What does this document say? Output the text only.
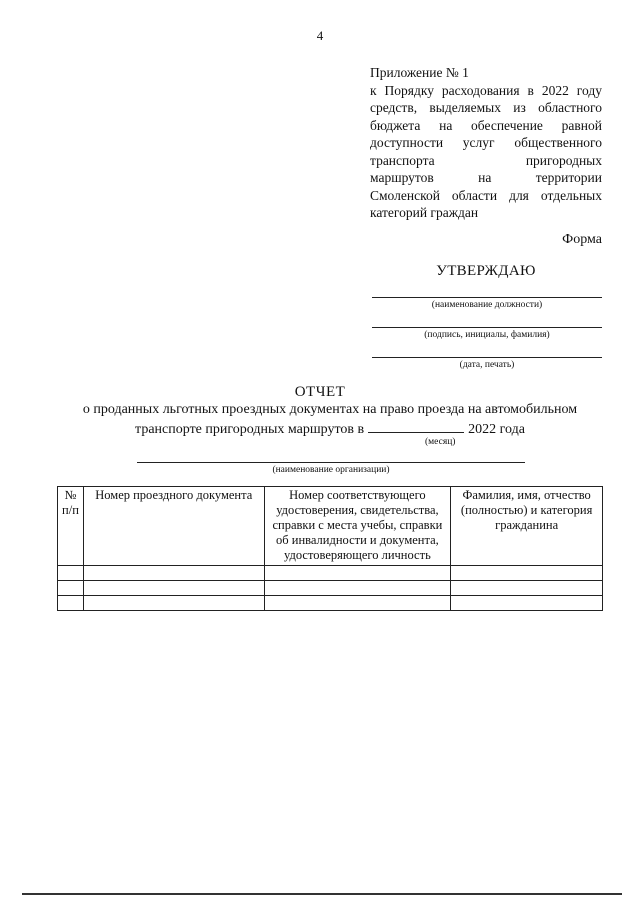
4
Приложение № 1
к Порядку расходования в 2022 году
средств, выделяемых из областного
бюджета на обеспечение равной
доступности услуг общественного
транспорта пригородных
маршрутов на территории
Смоленской области для отдельных
категорий граждан
Форма
УТВЕРЖДАЮ
(наименование должности)
(подпись, инициалы, фамилия)
(дата, печать)
ОТЧЕТ
о проданных льготных проездных документах на право проезда на автомобильном
транспорте пригородных маршрутов в	2022 года
(месяц)
(наименование организации)
№ п/п	Номер проездного документа	Номер соответствующего удостоверения, свидетельства, справки с места учебы, справки об инвалидности и документа, удостоверяющего личность	Фамилия, имя, отчество (полностью) и категория гражданина
